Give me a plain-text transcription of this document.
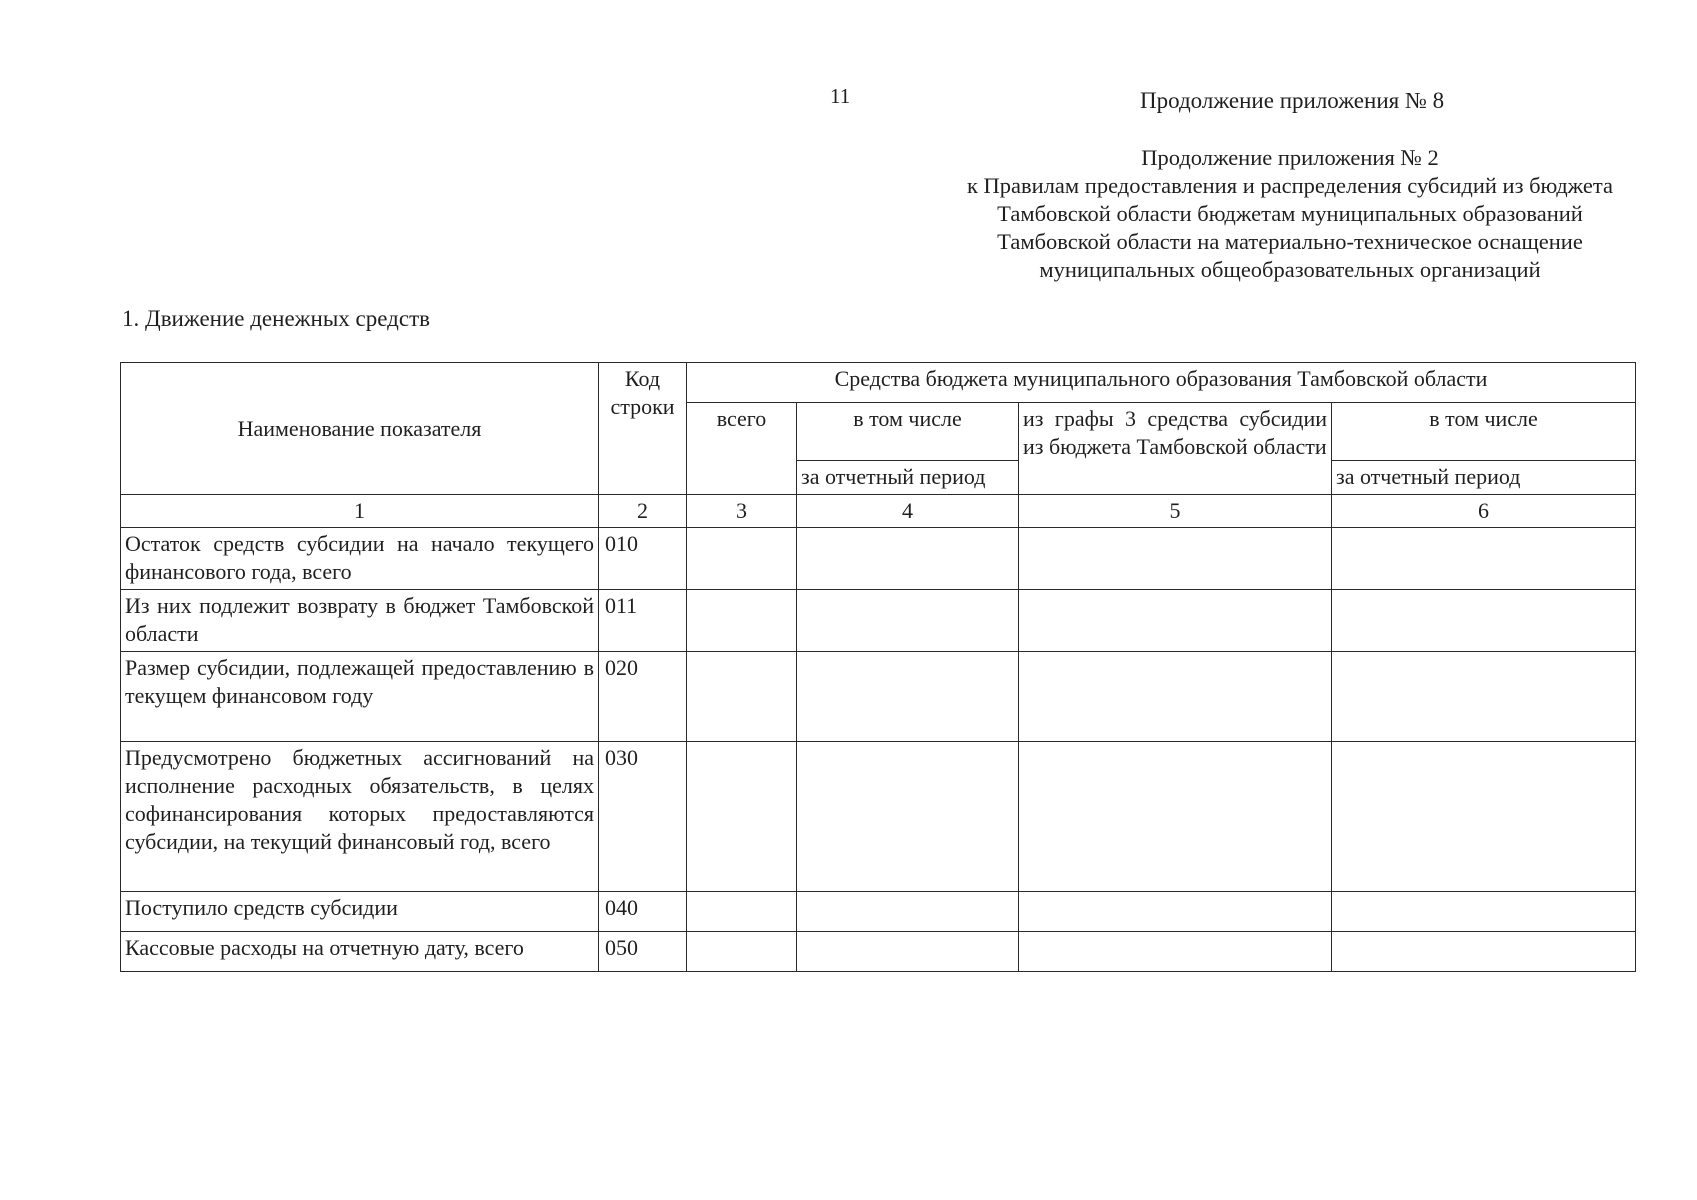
11	Продолжение приложения № 8
Продолжение приложения № 2
к Правилам предоставления и распределения субсидий из бюджета
Тамбовской области бюджетам муниципальных образований
Тамбовской области на материально-техническое оснащение
муниципальных общеобразовательных организаций
1. Движение денежных средств
Наименование показателя	Код строки	Средства бюджета муниципального образования Тамбовской области			
		всего	в том числе	из графы 3 средства субсидии из бюджета Тамбовской области	в том числе
			за отчетный период		за отчетный период
1	2	3	4	5	6
Остаток средств субсидии на начало текущего финансового года, всего	010				
Из них подлежит возврату в бюджет Тамбовской области	011				
Размер субсидии, подлежащей предоставлению в текущем финансовом году	020				
Предусмотрено бюджетных ассигнований на исполнение расходных обязательств, в целях софинансирования которых предоставляются субсидии, на текущий финансовый год, всего	030				
Поступило средств субсидии	040				
Кассовые расходы на отчетную дату, всего	050				
